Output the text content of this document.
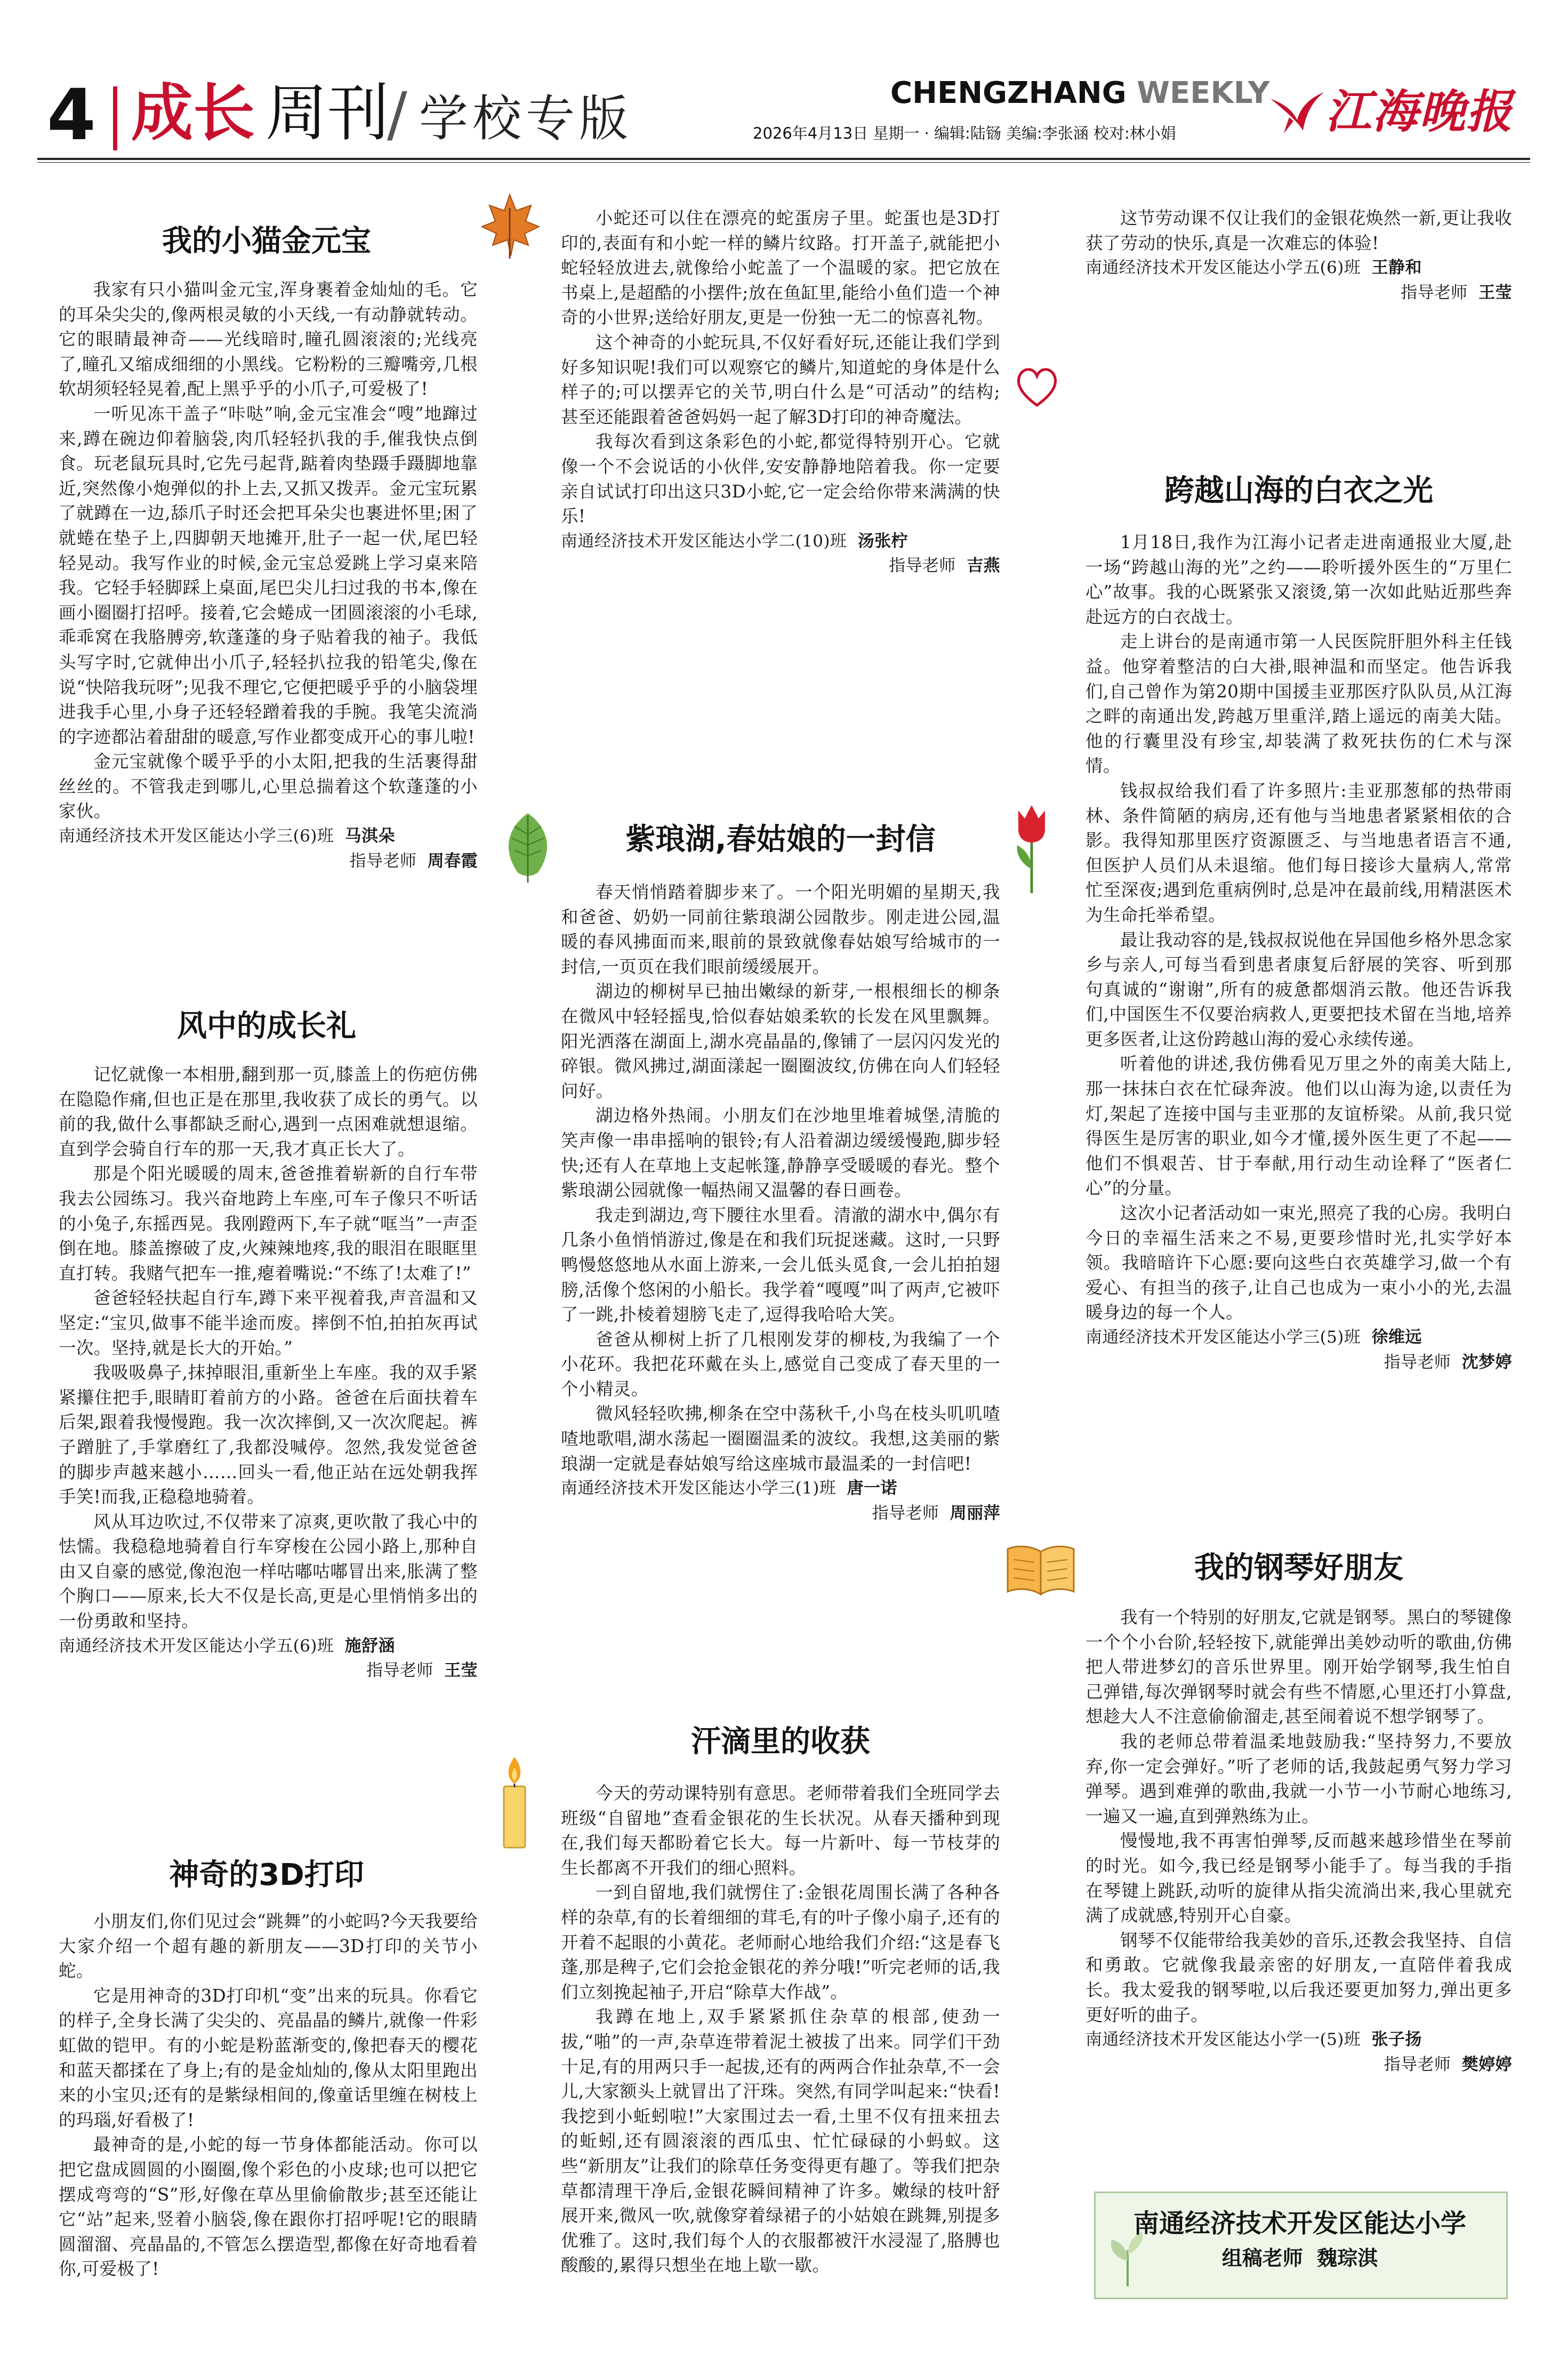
4 成长 周刊
/ 学校专版	CHENGZHANG WEEKLY
2026年4月13日 星期一 · 编辑:陆铴 美编:李张涵 校对:林小娟	江海晚报
我的小猫金元宝

我家有只小猫叫金元宝,浑身裹着金灿灿的毛。它的耳朵尖尖的,像两根灵敏的小天线,一有动静就转动。它的眼睛最神奇——光线暗时,瞳孔圆滚滚的;光线亮了,瞳孔又缩成细细的小黑线。它粉粉的三瓣嘴旁,几根软胡须轻轻晃着,配上黑乎乎的小爪子,可爱极了!

一听见冻干盖子“咔哒”响,金元宝准会“嗖”地蹿过来,蹲在碗边仰着脑袋,肉爪轻轻扒我的手,催我快点倒食。玩老鼠玩具时,它先弓起背,踮着肉垫蹑手蹑脚地靠近,突然像小炮弹似的扑上去,又抓又拨弄。金元宝玩累了就蹲在一边,舔爪子时还会把耳朵尖也裹进怀里;困了就蜷在垫子上,四脚朝天地摊开,肚子一起一伏,尾巴轻轻晃动。我写作业的时候,金元宝总爱跳上学习桌来陪我。它轻手轻脚踩上桌面,尾巴尖儿扫过我的书本,像在画小圈圈打招呼。接着,它会蜷成一团圆滚滚的小毛球,乖乖窝在我胳膊旁,软蓬蓬的身子贴着我的袖子。我低头写字时,它就伸出小爪子,轻轻扒拉我的铅笔尖,像在说“快陪我玩呀”;见我不理它,它便把暖乎乎的小脑袋埋进我手心里,小身子还轻轻蹭着我的手腕。我笔尖流淌的字迹都沾着甜甜的暖意,写作业都变成开心的事儿啦!

金元宝就像个暖乎乎的小太阳,把我的生活裹得甜丝丝的。不管我走到哪儿,心里总揣着这个软蓬蓬的小家伙。

南通经济技术开发区能达小学三(6)班 马淇朵

指导老师 周春霞

风中的成长礼

记忆就像一本相册,翻到那一页,膝盖上的伤疤仿佛在隐隐作痛,但也正是在那里,我收获了成长的勇气。以前的我,做什么事都缺乏耐心,遇到一点困难就想退缩。直到学会骑自行车的那一天,我才真正长大了。

那是个阳光暖暖的周末,爸爸推着崭新的自行车带我去公园练习。我兴奋地跨上车座,可车子像只不听话的小兔子,东摇西晃。我刚蹬两下,车子就“哐当”一声歪倒在地。膝盖擦破了皮,火辣辣地疼,我的眼泪在眼眶里直打转。我赌气把车一推,瘪着嘴说:“不练了!太难了!”

爸爸轻轻扶起自行车,蹲下来平视着我,声音温和又坚定:“宝贝,做事不能半途而废。摔倒不怕,拍拍灰再试一次。坚持,就是长大的开始。”

我吸吸鼻子,抹掉眼泪,重新坐上车座。我的双手紧紧攥住把手,眼睛盯着前方的小路。爸爸在后面扶着车后架,跟着我慢慢跑。我一次次摔倒,又一次次爬起。裤子蹭脏了,手掌磨红了,我都没喊停。忽然,我发觉爸爸的脚步声越来越小……回头一看,他正站在远处朝我挥手笑!而我,正稳稳地骑着。

风从耳边吹过,不仅带来了凉爽,更吹散了我心中的怯懦。我稳稳地骑着自行车穿梭在公园小路上,那种自由又自豪的感觉,像泡泡一样咕嘟咕嘟冒出来,胀满了整个胸口——原来,长大不仅是长高,更是心里悄悄多出的一份勇敢和坚持。

南通经济技术开发区能达小学五(6)班 施舒涵

指导老师 王莹

神奇的3D打印

小朋友们,你们见过会“跳舞”的小蛇吗?今天我要给大家介绍一个超有趣的新朋友——3D打印的关节小蛇。

它是用神奇的3D打印机“变”出来的玩具。你看它的样子,全身长满了尖尖的、亮晶晶的鳞片,就像一件彩虹做的铠甲。有的小蛇是粉蓝渐变的,像把春天的樱花和蓝天都揉在了身上;有的是金灿灿的,像从太阳里跑出来的小宝贝;还有的是紫绿相间的,像童话里缠在树枝上的玛瑙,好看极了!

最神奇的是,小蛇的每一节身体都能活动。你可以把它盘成圆圆的小圈圈,像个彩色的小皮球;也可以把它摆成弯弯的“S”形,好像在草丛里偷偷散步;甚至还能让它“站”起来,竖着小脑袋,像在跟你打招呼呢!它的眼睛圆溜溜、亮晶晶的,不管怎么摆造型,都像在好奇地看着你,可爱极了!

小蛇还可以住在漂亮的蛇蛋房子里。蛇蛋也是3D打印的,表面有和小蛇一样的鳞片纹路。打开盖子,就能把小蛇轻轻放进去,就像给小蛇盖了一个温暖的家。把它放在书桌上,是超酷的小摆件;放在鱼缸里,能给小鱼们造一个神奇的小世界;送给好朋友,更是一份独一无二的惊喜礼物。

这个神奇的小蛇玩具,不仅好看好玩,还能让我们学到好多知识呢!我们可以观察它的鳞片,知道蛇的身体是什么样子的;可以摆弄它的关节,明白什么是“可活动”的结构;甚至还能跟着爸爸妈妈一起了解3D打印的神奇魔法。

我每次看到这条彩色的小蛇,都觉得特别开心。它就像一个不会说话的小伙伴,安安静静地陪着我。你一定要亲自试试打印出这只3D小蛇,它一定会给你带来满满的快乐!

南通经济技术开发区能达小学二(10)班 汤张柠

指导老师 吉燕

紫琅湖,春姑娘的一封信

春天悄悄踏着脚步来了。一个阳光明媚的星期天,我和爸爸、奶奶一同前往紫琅湖公园散步。刚走进公园,温暖的春风拂面而来,眼前的景致就像春姑娘写给城市的一封信,一页页在我们眼前缓缓展开。

湖边的柳树早已抽出嫩绿的新芽,一根根细长的柳条在微风中轻轻摇曳,恰似春姑娘柔软的长发在风里飘舞。阳光洒落在湖面上,湖水亮晶晶的,像铺了一层闪闪发光的碎银。微风拂过,湖面漾起一圈圈波纹,仿佛在向人们轻轻问好。

湖边格外热闹。小朋友们在沙地里堆着城堡,清脆的笑声像一串串摇响的银铃;有人沿着湖边缓缓慢跑,脚步轻快;还有人在草地上支起帐篷,静静享受暖暖的春光。整个紫琅湖公园就像一幅热闹又温馨的春日画卷。

我走到湖边,弯下腰往水里看。清澈的湖水中,偶尔有几条小鱼悄悄游过,像是在和我们玩捉迷藏。这时,一只野鸭慢悠悠地从水面上游来,一会儿低头觅食,一会儿拍拍翅膀,活像个悠闲的小船长。我学着“嘎嘎”叫了两声,它被吓了一跳,扑棱着翅膀飞走了,逗得我哈哈大笑。

爸爸从柳树上折了几根刚发芽的柳枝,为我编了一个小花环。我把花环戴在头上,感觉自己变成了春天里的一个小精灵。

微风轻轻吹拂,柳条在空中荡秋千,小鸟在枝头叽叽喳喳地歌唱,湖水荡起一圈圈温柔的波纹。我想,这美丽的紫琅湖一定就是春姑娘写给这座城市最温柔的一封信吧!

南通经济技术开发区能达小学三(1)班 唐一诺

指导老师 周丽萍

汗滴里的收获

今天的劳动课特别有意思。老师带着我们全班同学去班级“自留地”查看金银花的生长状况。从春天播种到现在,我们每天都盼着它长大。每一片新叶、每一节枝芽的生长都离不开我们的细心照料。

一到自留地,我们就愣住了:金银花周围长满了各种各样的杂草,有的长着细细的茸毛,有的叶子像小扇子,还有的开着不起眼的小黄花。老师耐心地给我们介绍:“这是春飞蓬,那是稗子,它们会抢金银花的养分哦!”听完老师的话,我们立刻挽起袖子,开启“除草大作战”。

我蹲在地上,双手紧紧抓住杂草的根部,使劲一拔,“啪”的一声,杂草连带着泥土被拔了出来。同学们干劲十足,有的用两只手一起拔,还有的两两合作扯杂草,不一会儿,大家额头上就冒出了汗珠。突然,有同学叫起来:“快看!我挖到小蚯蚓啦!”大家围过去一看,土里不仅有扭来扭去的蚯蚓,还有圆滚滚的西瓜虫、忙忙碌碌的小蚂蚁。这些“新朋友”让我们的除草任务变得更有趣了。等我们把杂草都清理干净后,金银花瞬间精神了许多。嫩绿的枝叶舒展开来,微风一吹,就像穿着绿裙子的小姑娘在跳舞,别提多优雅了。这时,我们每个人的衣服都被汗水浸湿了,胳膊也酸酸的,累得只想坐在地上歇一歇。

这节劳动课不仅让我们的金银花焕然一新,更让我收获了劳动的快乐,真是一次难忘的体验!

南通经济技术开发区能达小学五(6)班 王静和

指导老师 王莹

跨越山海的白衣之光

1月18日,我作为江海小记者走进南通报业大厦,赴一场“跨越山海的光”之约——聆听援外医生的“万里仁心”故事。我的心既紧张又滚烫,第一次如此贴近那些奔赴远方的白衣战士。

走上讲台的是南通市第一人民医院肝胆外科主任钱益。他穿着整洁的白大褂,眼神温和而坚定。他告诉我们,自己曾作为第20期中国援圭亚那医疗队队员,从江海之畔的南通出发,跨越万里重洋,踏上遥远的南美大陆。他的行囊里没有珍宝,却装满了救死扶伤的仁术与深情。

钱叔叔给我们看了许多照片:圭亚那葱郁的热带雨林、条件简陋的病房,还有他与当地患者紧紧相依的合影。我得知那里医疗资源匮乏、与当地患者语言不通,但医护人员们从未退缩。他们每日接诊大量病人,常常忙至深夜;遇到危重病例时,总是冲在最前线,用精湛医术为生命托举希望。

最让我动容的是,钱叔叔说他在异国他乡格外思念家乡与亲人,可每当看到患者康复后舒展的笑容、听到那句真诚的“谢谢”,所有的疲惫都烟消云散。他还告诉我们,中国医生不仅要治病救人,更要把技术留在当地,培养更多医者,让这份跨越山海的爱心永续传递。

听着他的讲述,我仿佛看见万里之外的南美大陆上,那一抹抹白衣在忙碌奔波。他们以山海为途,以责任为灯,架起了连接中国与圭亚那的友谊桥梁。从前,我只觉得医生是厉害的职业,如今才懂,援外医生更了不起——他们不惧艰苦、甘于奉献,用行动生动诠释了“医者仁心”的分量。

这次小记者活动如一束光,照亮了我的心房。我明白今日的幸福生活来之不易,更要珍惜时光,扎实学好本领。我暗暗许下心愿:要向这些白衣英雄学习,做一个有爱心、有担当的孩子,让自己也成为一束小小的光,去温暖身边的每一个人。

南通经济技术开发区能达小学三(5)班 徐维远

指导老师 沈梦婷

我的钢琴好朋友

我有一个特别的好朋友,它就是钢琴。黑白的琴键像一个个小台阶,轻轻按下,就能弹出美妙动听的歌曲,仿佛把人带进梦幻的音乐世界里。刚开始学钢琴,我生怕自己弹错,每次弹钢琴时就会有些不情愿,心里还打小算盘,想趁大人不注意偷偷溜走,甚至闹着说不想学钢琴了。

我的老师总带着温柔地鼓励我:“坚持努力,不要放弃,你一定会弹好。”听了老师的话,我鼓起勇气努力学习弹琴。遇到难弹的歌曲,我就一小节一小节耐心地练习,一遍又一遍,直到弹熟练为止。

慢慢地,我不再害怕弹琴,反而越来越珍惜坐在琴前的时光。如今,我已经是钢琴小能手了。每当我的手指在琴键上跳跃,动听的旋律从指尖流淌出来,我心里就充满了成就感,特别开心自豪。

钢琴不仅能带给我美妙的音乐,还教会我坚持、自信和勇敢。它就像我最亲密的好朋友,一直陪伴着我成长。我太爱我的钢琴啦,以后我还要更加努力,弹出更多更好听的曲子。

南通经济技术开发区能达小学一(5)班 张子扬

指导老师 樊婷婷

南通经济技术开发区能达小学
组稿老师 魏琮淇
